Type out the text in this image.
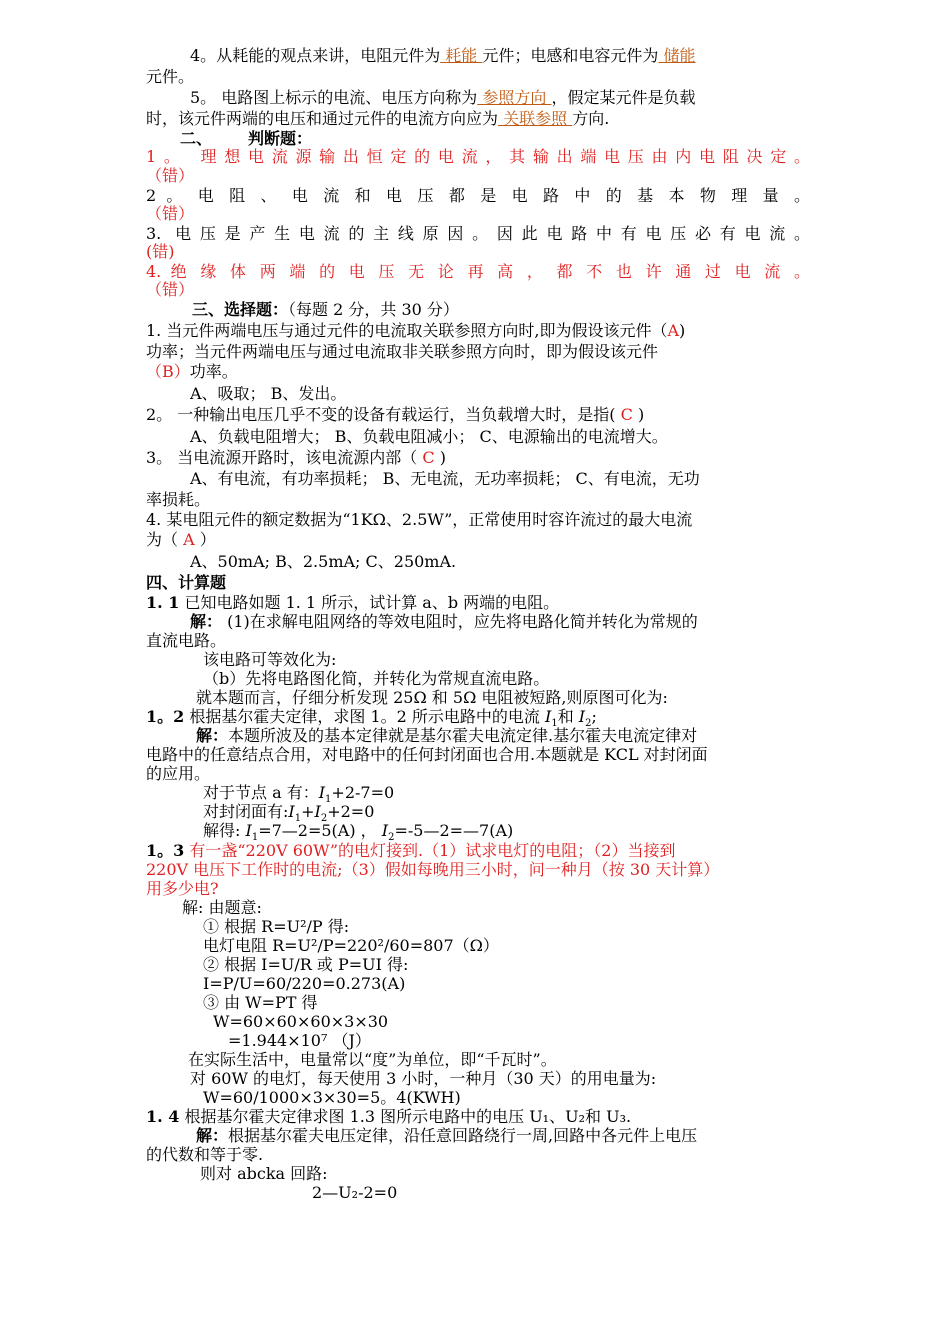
4。从耗能的观点来讲，电阻元件为 耗能 元件；电感和电容元件为 储能
元件。
5。 电路图上标示的电流、电压方向称为 参照方向 ，假定某元件是负载
时，该元件两端的电压和通过元件的电流方向应为 关联参照 方向.
二、 判断题：
1。 理想电流源输出恒定的电流，其输出端电压由内电阻决定。
（错）
2 。 电 阻 、 电 流 和 电 压 都 是 电 路 中 的 基 本 物 理 量 。
（错）
3. 电压是产生电流的主线原因。因此电路中有电压必有电流。
(错)
4. 绝 缘 体 两 端 的 电 压 无 论 再 高 ， 都 不 也 许 通 过 电 流 。
（错）
三、选择题：（每题 2 分，共 30 分）
1. 当元件两端电压与通过元件的电流取关联参照方向时,即为假设该元件（A)
功率；当元件两端电压与通过电流取非关联参照方向时，即为假设该元件
（B）功率。
A、吸取； B、发出。
2。 一种输出电压几乎不变的设备有载运行，当负载增大时，是指( C )
A、负载电阻增大； B、负载电阻减小； C、电源输出的电流增大。
3。 当电流源开路时，该电流源内部（ C )
A、有电流，有功率损耗； B、无电流，无功率损耗； C、有电流，无功
率损耗。
4. 某电阻元件的额定数据为“1KΩ、2.5W”，正常使用时容许流过的最大电流
为（ A ）
A、50mA; B、2.5mA; C、250mA.
四、计算题
1. 1 已知电路如题 1. 1 所示，试计算 a、b 两端的电阻。
解： (1)在求解电阻网络的等效电阻时，应先将电路化简并转化为常规的
直流电路。
该电路可等效化为:
（b）先将电路图化简，并转化为常规直流电路。
就本题而言，仔细分析发现 25Ω 和 5Ω 电阻被短路,则原图可化为:
1。2 根据基尔霍夫定律，求图 1。2 所示电路中的电流 $I_1$和 $I_2$;
解：本题所波及的基本定律就是基尔霍夫电流定律.基尔霍夫电流定律对
电路中的任意结点合用，对电路中的任何封闭面也合用.本题就是 KCL 对封闭面
的应用。
对于节点 a 有：$I_1+2-7=0$
对封闭面有$:I_1+I_2+2=0$
解得: $I_1=7—2=5(A)$ ， $I_2=-5—2=—7(A)$
1。3 有一盏“220V 60W”的电灯接到.（1）试求电灯的电阻；（2）当接到
220V 电压下工作时的电流;（3）假如每晚用三小时，问一种月（按 30 天计算）
用多少电?
解: 由题意:
① 根据 R=U²/P 得:
电灯电阻 R=U²/P=220²/60=807（Ω）
② 根据 I=U/R 或 P=UI 得:
I=P/U=60/220=0.273(A)
③ 由 W=PT 得
W=60×60×60×3×30
=1.944×10⁷ （J）
在实际生活中，电量常以“度”为单位，即“千瓦时”。
对 60W 的电灯，每天使用 3 小时，一种月（30 天）的用电量为:
W=60/1000×3×30=5。4(KWH)
1. 4 根据基尔霍夫定律求图 1.3 图所示电路中的电压 U₁、U₂和 U₃.
解：根据基尔霍夫电压定律，沿任意回路绕行一周,回路中各元件上电压
的代数和等于零.
则对 abcka 回路:
2—U₂-2=0
